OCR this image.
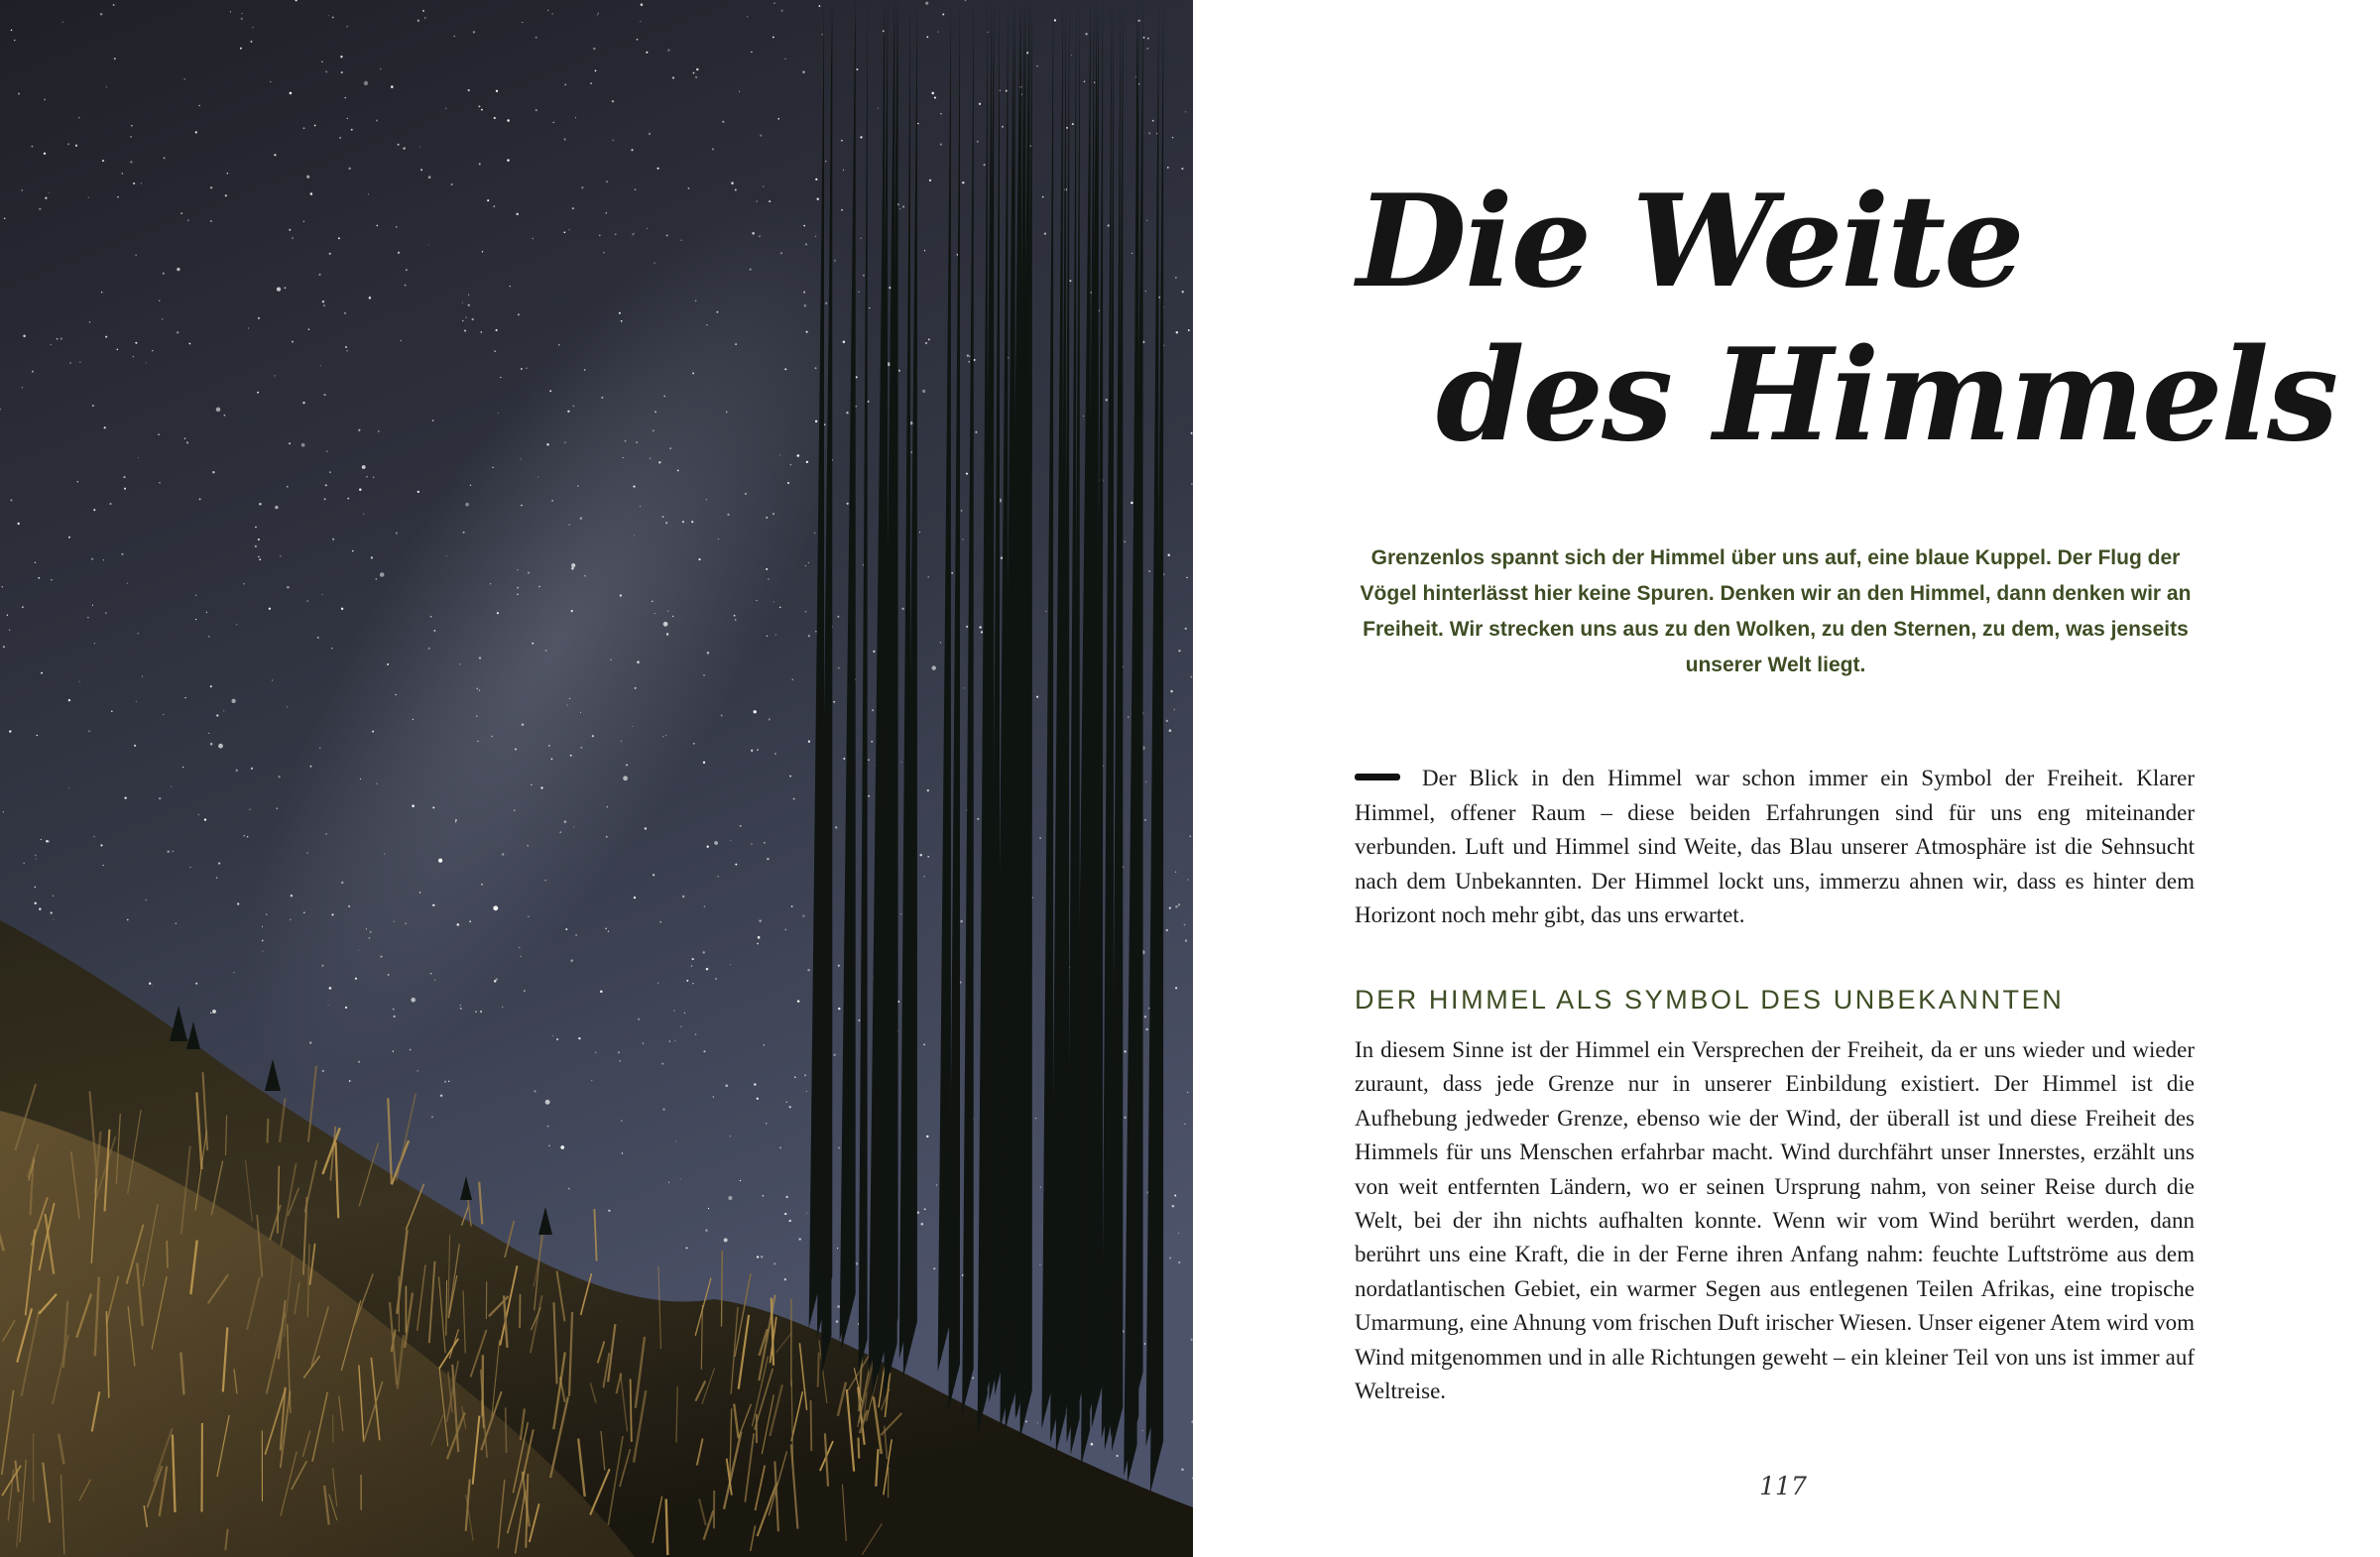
Die Weite
des Himmels

Grenzenlos spannt sich der Himmel über uns auf, eine blaue Kuppel. Der Flug der Vögel hinterlässt hier keine Spuren. Denken wir an den Himmel, dann denken wir an Freiheit. Wir strecken uns aus zu den Wolken, zu den Sternen, zu dem, was jenseits unserer Welt liegt.

Der Blick in den Himmel war schon immer ein Symbol der Freiheit. Klarer Himmel, offener Raum – diese beiden Erfahrungen sind für uns eng miteinander verbunden. Luft und Himmel sind Weite, das Blau unserer Atmosphäre ist die Sehnsucht nach dem Unbekannten. Der Himmel lockt uns, immerzu ahnen wir, dass es hinter dem Horizont noch mehr gibt, das uns erwartet.

DER HIMMEL ALS SYMBOL DES UNBEKANNTEN

In diesem Sinne ist der Himmel ein Versprechen der Freiheit, da er uns wieder und wieder zuraunt, dass jede Grenze nur in unserer Einbildung existiert. Der Himmel ist die Aufhebung jedweder Grenze, ebenso wie der Wind, der überall ist und diese Freiheit des Himmels für uns Menschen erfahrbar macht. Wind durchfährt unser Innerstes, erzählt uns von weit entfernten Ländern, wo er seinen Ursprung nahm, von seiner Reise durch die Welt, bei der ihn nichts aufhalten konnte. Wenn wir vom Wind berührt werden, dann berührt uns eine Kraft, die in der Ferne ihren Anfang nahm: feuchte Luftströme aus dem nordatlantischen Gebiet, ein warmer Segen aus entlegenen Teilen Afrikas, eine tropische Umarmung, eine Ahnung vom frischen Duft irischer Wiesen. Unser eigener Atem wird vom Wind mitgenommen und in alle Richtungen geweht – ein kleiner Teil von uns ist immer auf Weltreise.

117
